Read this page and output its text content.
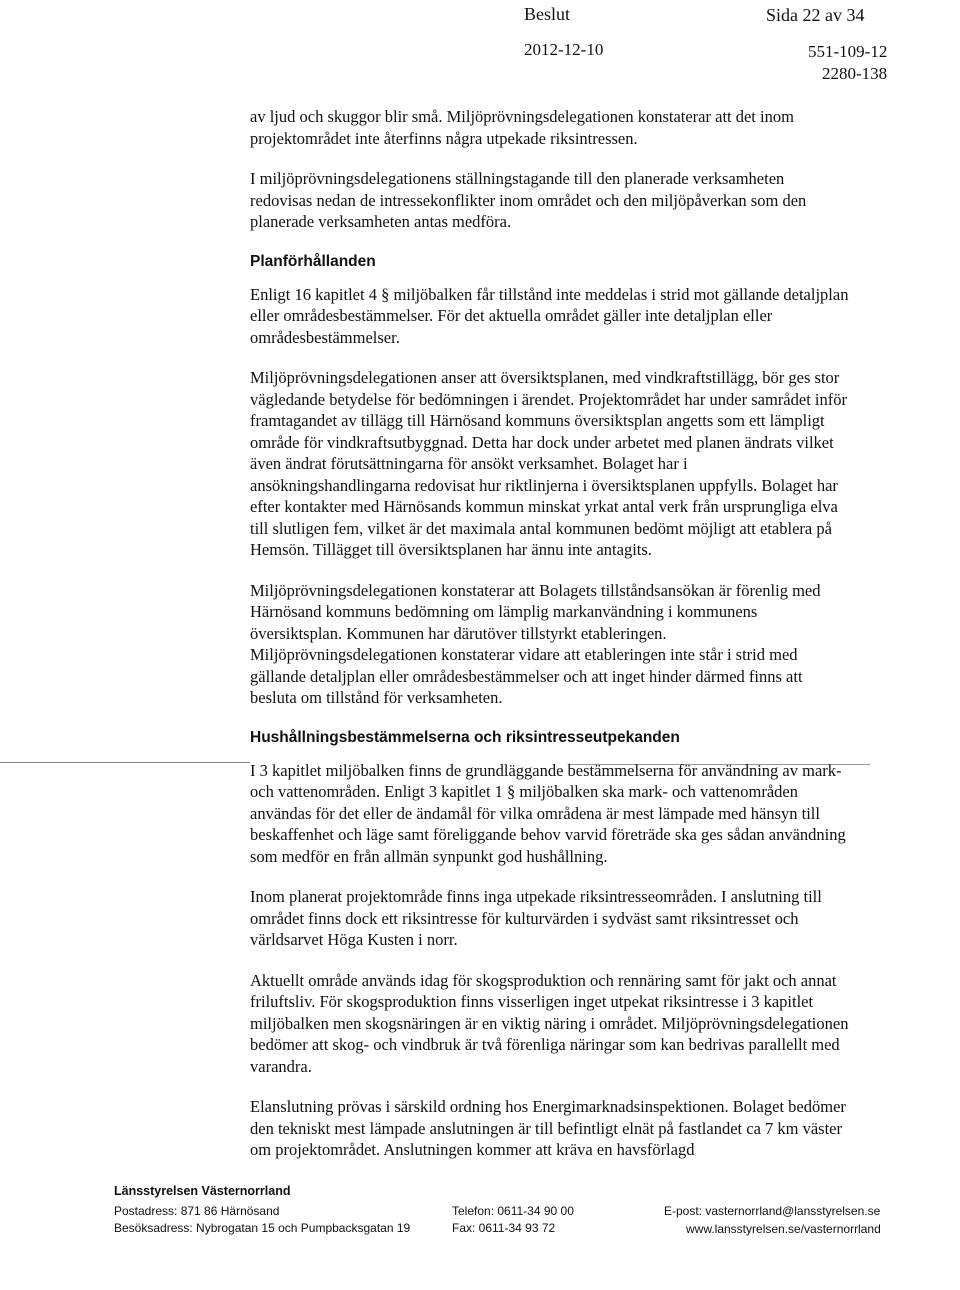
Beslut	Sida 22 av 34
2012-12-10	551-109-12
2280-138

av ljud och skuggor blir små. Miljöprövningsdelegationen konstaterar att det inom projektområdet inte återfinns några utpekade riksintressen.

I miljöprövningsdelegationens ställningstagande till den planerade verksamheten redovisas nedan de intressekonflikter inom området och den miljöpåverkan som den planerade verksamheten antas medföra.

Planförhållanden

Enligt 16 kapitlet 4 § miljöbalken får tillstånd inte meddelas i strid mot gällande detaljplan eller områdesbestämmelser. För det aktuella området gäller inte detaljplan eller områdesbestämmelser.

Miljöprövningsdelegationen anser att översiktsplanen, med vindkraftstillägg, bör ges stor vägledande betydelse för bedömningen i ärendet. Projektområdet har under samrådet inför framtagandet av tillägg till Härnösand kommuns översiktsplan angetts som ett lämpligt område för vindkraftsutbyggnad. Detta har dock under arbetet med planen ändrats vilket även ändrat förutsättningarna för ansökt verksamhet. Bolaget har i ansökningshandlingarna redovisat hur riktlinjerna i översiktsplanen uppfylls. Bolaget har efter kontakter med Härnösands kommun minskat yrkat antal verk från ursprungliga elva till slutligen fem, vilket är det maximala antal kommunen bedömt möjligt att etablera på Hemsön. Tillägget till översiktsplanen har ännu inte antagits.

Miljöprövningsdelegationen konstaterar att Bolagets tillståndsansökan är förenlig med Härnösand kommuns bedömning om lämplig markanvändning i kommunens översiktsplan. Kommunen har därutöver tillstyrkt etableringen.

Miljöprövningsdelegationen konstaterar vidare att etableringen inte står i strid med gällande detaljplan eller områdesbestämmelser och att inget hinder därmed finns att besluta om tillstånd för verksamheten.

Hushållningsbestämmelserna och riksintresseutpekanden

I 3 kapitlet miljöbalken finns de grundläggande bestämmelserna för användning av mark- och vattenområden. Enligt 3 kapitlet 1 § miljöbalken ska mark- och vattenområden användas för det eller de ändamål för vilka områdena är mest lämpade med hänsyn till beskaffenhet och läge samt föreliggande behov varvid företräde ska ges sådan användning som medför en från allmän synpunkt god hushållning.

Inom planerat projektområde finns inga utpekade riksintresseområden. I anslutning till området finns dock ett riksintresse för kulturvärden i sydväst samt riksintresset och världsarvet Höga Kusten i norr.

Aktuellt område används idag för skogsproduktion och rennäring samt för jakt och annat friluftsliv. För skogsproduktion finns visserligen inget utpekat riksintresse i 3 kapitlet miljöbalken men skogsnäringen är en viktig näring i området. Miljöprövningsdelegationen bedömer att skog- och vindbruk är två förenliga näringar som kan bedrivas parallellt med varandra.

Elanslutning prövas i särskild ordning hos Energimarknadsinspektionen. Bolaget bedömer den tekniskt mest lämpade anslutningen är till befintligt elnät på fastlandet ca 7 km väster om projektområdet. Anslutningen kommer att kräva en havsförlagd

Länsstyrelsen Västernorrland
Postadress: 871 86 Härnösand
Besöksadress: Nybrogatan 15 och Pumpbacksgatan 19
Telefon: 0611-34 90 00
Fax: 0611-34 93 72
E-post: vasternorrland@lansstyrelsen.se
www.lansstyrelsen.se/vasternorrland
